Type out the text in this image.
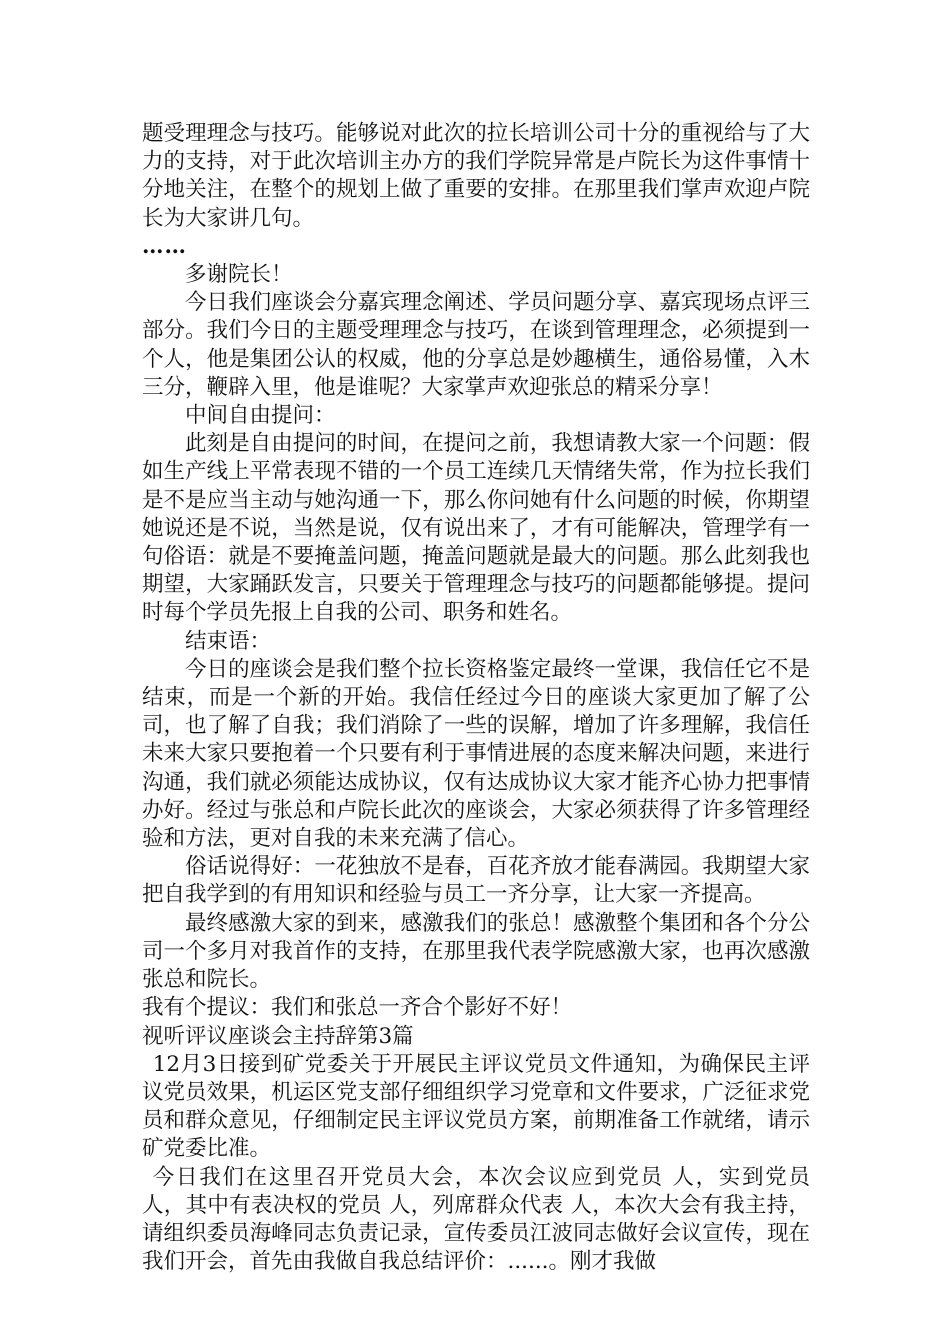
题受理理念与技巧。能够说对此次的拉长培训公司十分的重视给与了大力的支持，对于此次培训主办方的我们学院异常是卢院长为这件事情十分地关注，在整个的规划上做了重要的安排。在那里我们掌声欢迎卢院长为大家讲几句。

……

多谢院长！

今日我们座谈会分嘉宾理念阐述、学员问题分享、嘉宾现场点评三部分。我们今日的主题受理理念与技巧，在谈到管理理念，必须提到一个人，他是集团公认的权威，他的分享总是妙趣横生，通俗易懂，入木三分，鞭辟入里，他是谁呢？大家掌声欢迎张总的精采分享！

中间自由提问：

此刻是自由提问的时间，在提问之前，我想请教大家一个问题：假如生产线上平常表现不错的一个员工连续几天情绪失常，作为拉长我们是不是应当主动与她沟通一下，那么你问她有什么问题的时候，你期望她说还是不说，当然是说，仅有说出来了，才有可能解决，管理学有一句俗语：就是不要掩盖问题，掩盖问题就是最大的问题。那么此刻我也期望，大家踊跃发言，只要关于管理理念与技巧的问题都能够提。提问时每个学员先报上自我的公司、职务和姓名。

结束语：

今日的座谈会是我们整个拉长资格鉴定最终一堂课，我信任它不是结束，而是一个新的开始。我信任经过今日的座谈大家更加了解了公司，也了解了自我；我们消除了一些的误解，增加了许多理解，我信任未来大家只要抱着一个只要有利于事情进展的态度来解决问题，来进行沟通，我们就必须能达成协议，仅有达成协议大家才能齐心协力把事情办好。经过与张总和卢院长此次的座谈会，大家必须获得了许多管理经验和方法，更对自我的未来充满了信心。

俗话说得好：一花独放不是春，百花齐放才能春满园。我期望大家把自我学到的有用知识和经验与员工一齐分享，让大家一齐提高。

最终感激大家的到来，感激我们的张总！感激整个集团和各个分公司一个多月对我首作的支持，在那里我代表学院感激大家，也再次感激张总和院长。

我有个提议：我们和张总一齐合个影好不好！

视听评议座谈会主持辞第3篇

12月3日接到矿党委关于开展民主评议党员文件通知，为确保民主评议党员效果，机运区党支部仔细组织学习党章和文件要求，广泛征求党员和群众意见，仔细制定民主评议党员方案，前期准备工作就绪，请示矿党委比准。

今日我们在这里召开党员大会，本次会议应到党员 人，实到党员 人，其中有表决权的党员 人，列席群众代表 人，本次大会有我主持，请组织委员海峰同志负责记录，宣传委员江波同志做好会议宣传，现在我们开会，首先由我做自我总结评价：......。刚才我做
